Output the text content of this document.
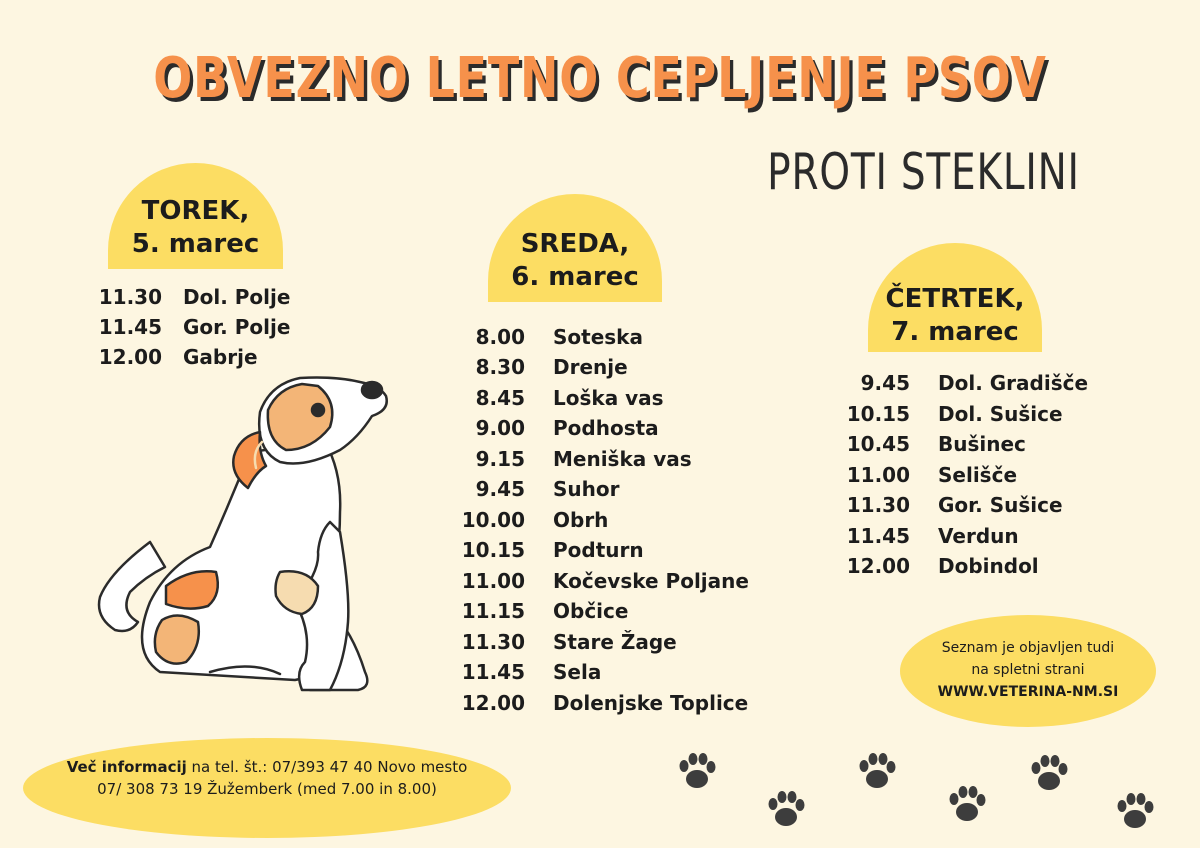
OBVEZNO LETNO CEPLJENJE PSOV
PROTI STEKLINI
TOREK,
5. marec
11.30 Dol. Polje
11.45 Gor. Polje
12.00 Gabrje
SREDA,
6. marec
8.00 Soteska
8.30 Drenje
8.45 Loška vas
9.00 Podhosta
9.15 Meniška vas
9.45 Suhor
10.00 Obrh
10.15 Podturn
11.00 Kočevske Poljane
11.15 Občice
11.30 Stare Žage
11.45 Sela
12.00 Dolenjske Toplice
ČETRTEK,
7. marec
9.45 Dol. Gradišče
10.15 Dol. Sušice
10.45 Bušinec
11.00 Selišče
11.30 Gor. Sušice
11.45 Verdun
12.00 Dobindol
Več informacij na tel. št.: 07/393 47 40 Novo mesto
07/ 308 73 19 Žužemberk (med 7.00 in 8.00)
Seznam je objavljen tudi
na spletni strani
WWW.VETERINA-NM.SI
